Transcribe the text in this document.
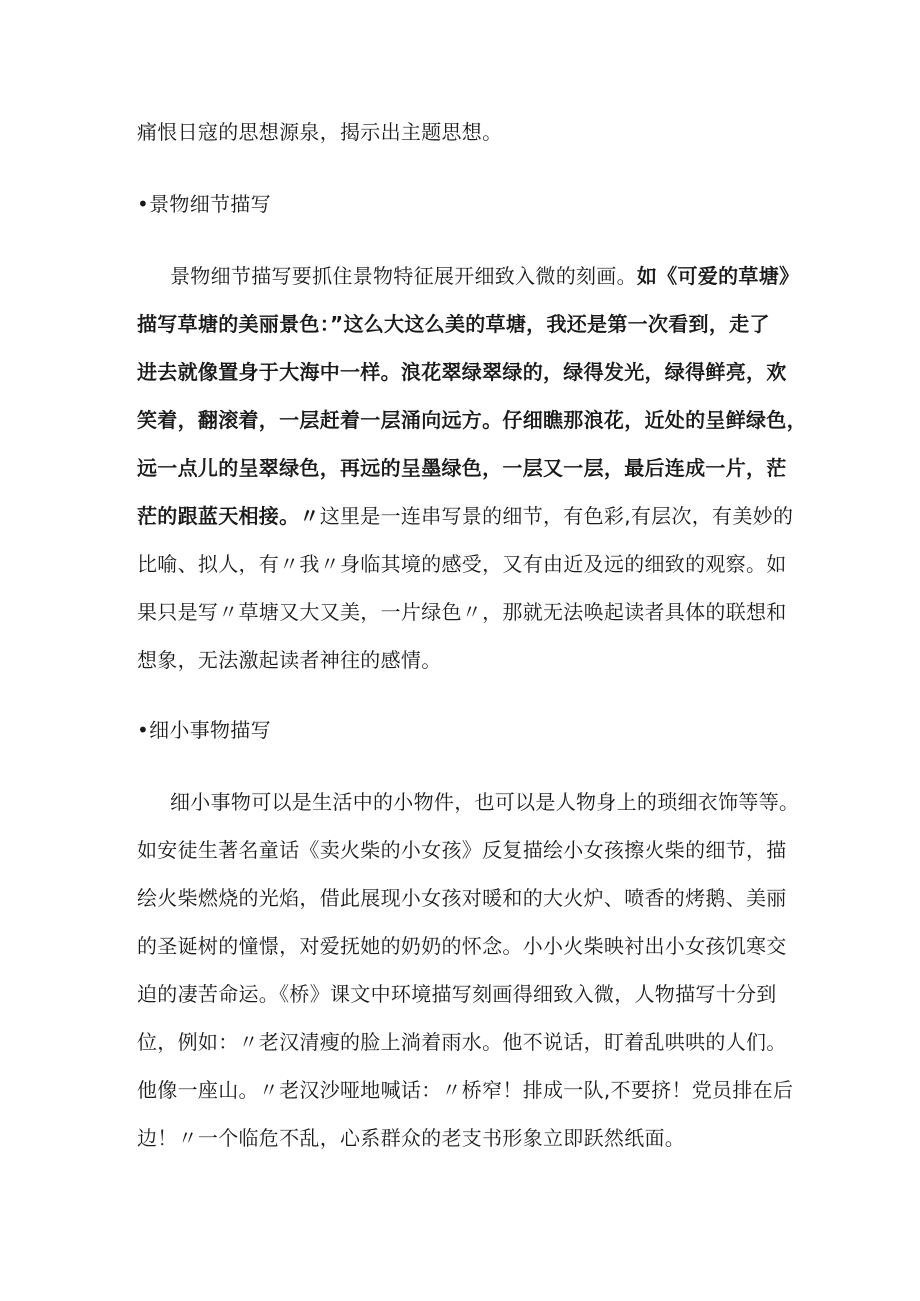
痛恨日寇的思想源泉，揭示出主题思想。
•景物细节描写
景物细节描写要抓住景物特征展开细致入微的刻画。如《可爱的草塘》
描写草塘的美丽景色：”这么大这么美的草塘，我还是第一次看到，走了
进去就像置身于大海中一样。浪花翠绿翠绿的，绿得发光，绿得鲜亮，欢
笑着，翻滚着，一层赶着一层涌向远方。仔细瞧那浪花，近处的呈鲜绿色，
远一点儿的呈翠绿色，再远的呈墨绿色，一层又一层，最后连成一片，茫
茫的跟蓝天相接。〃这里是一连串写景的细节，有色彩,有层次，有美妙的
比喻、拟人，有〃我〃身临其境的感受，又有由近及远的细致的观察。如
果只是写〃草塘又大又美，一片绿色〃，那就无法唤起读者具体的联想和
想象，无法激起读者神往的感情。
•细小事物描写
细小事物可以是生活中的小物件，也可以是人物身上的琐细衣饰等等。
如安徒生著名童话《卖火柴的小女孩》反复描绘小女孩擦火柴的细节，描
绘火柴燃烧的光焰，借此展现小女孩对暖和的大火炉、喷香的烤鹅、美丽
的圣诞树的憧憬，对爱抚她的奶奶的怀念。小小火柴映衬出小女孩饥寒交
迫的凄苦命运。《桥》课文中环境描写刻画得细致入微，人物描写十分到
位，例如：〃老汉清瘦的脸上淌着雨水。他不说话，盯着乱哄哄的人们。
他像一座山。〃老汉沙哑地喊话：〃桥窄！排成一队,不要挤！党员排在后
边！〃一个临危不乱，心系群众的老支书形象立即跃然纸面。
